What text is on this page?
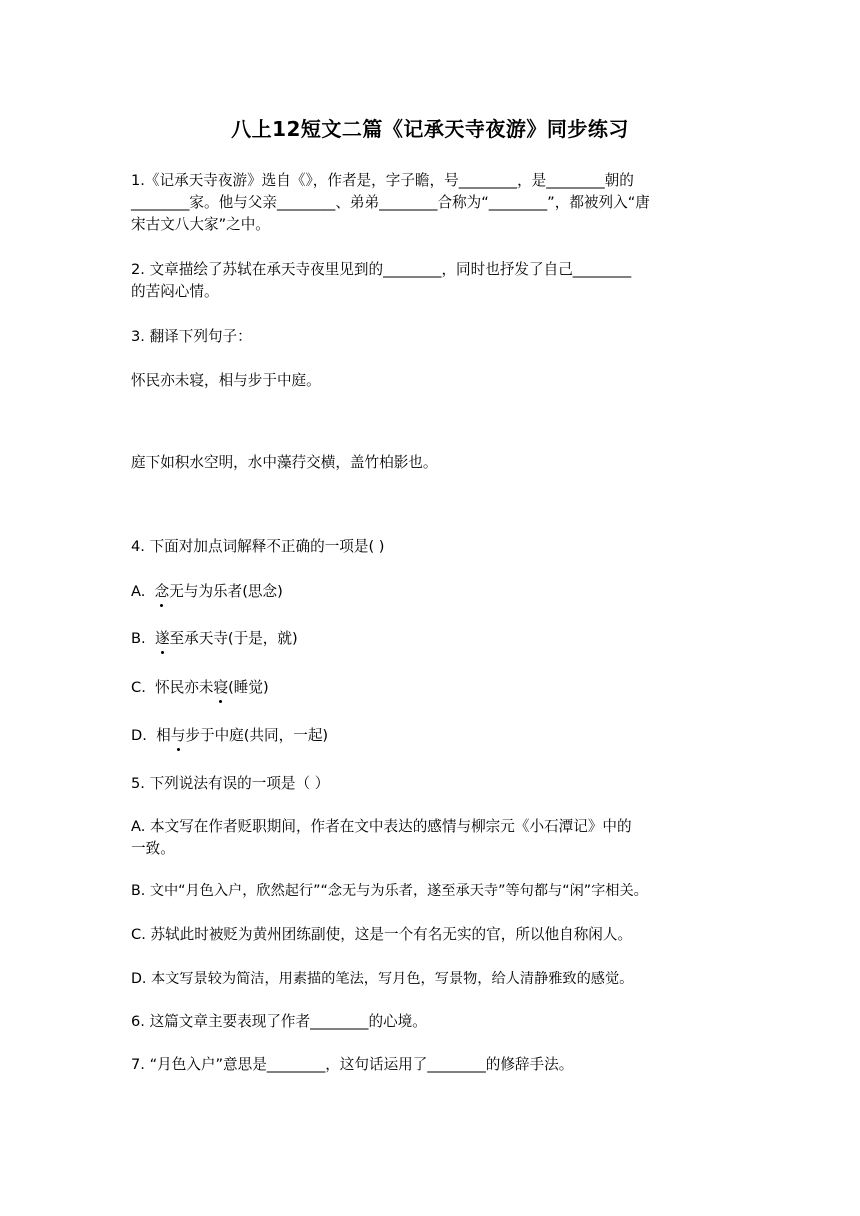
八上12短文二篇《记承天寺夜游》同步练习
1.《记承天寺夜游》选自《》，作者是，字子瞻，号________，是________朝的
________家。他与父亲________、弟弟________合称为“________”，都被列入“唐
宋古文八大家”之中。
2. 文章描绘了苏轼在承天寺夜里见到的________，同时也抒发了自己________
的苦闷心情。
3. 翻译下列句子：
怀民亦未寝，相与步于中庭。
庭下如积水空明，水中藻荇交横，盖竹柏影也。
4. 下面对加点词解释不正确的一项是( )
A.  念无与为乐者(思念)
B.  遂至承天寺(于是，就)
C.  怀民亦未寝(睡觉)
D.  相与步于中庭(共同，一起)
5. 下列说法有误的一项是（ ）
A. 本文写在作者贬职期间，作者在文中表达的感情与柳宗元《小石潭记》中的
一致。
B. 文中“月色入户，欣然起行”“念无与为乐者，遂至承天寺”等句都与“闲”字相关。
C. 苏轼此时被贬为黄州团练副使，这是一个有名无实的官，所以他自称闲人。
D. 本文写景较为简洁，用素描的笔法，写月色，写景物，给人清静雅致的感觉。
6. 这篇文章主要表现了作者________的心境。
7. “月色入户”意思是________，这句话运用了________的修辞手法。
